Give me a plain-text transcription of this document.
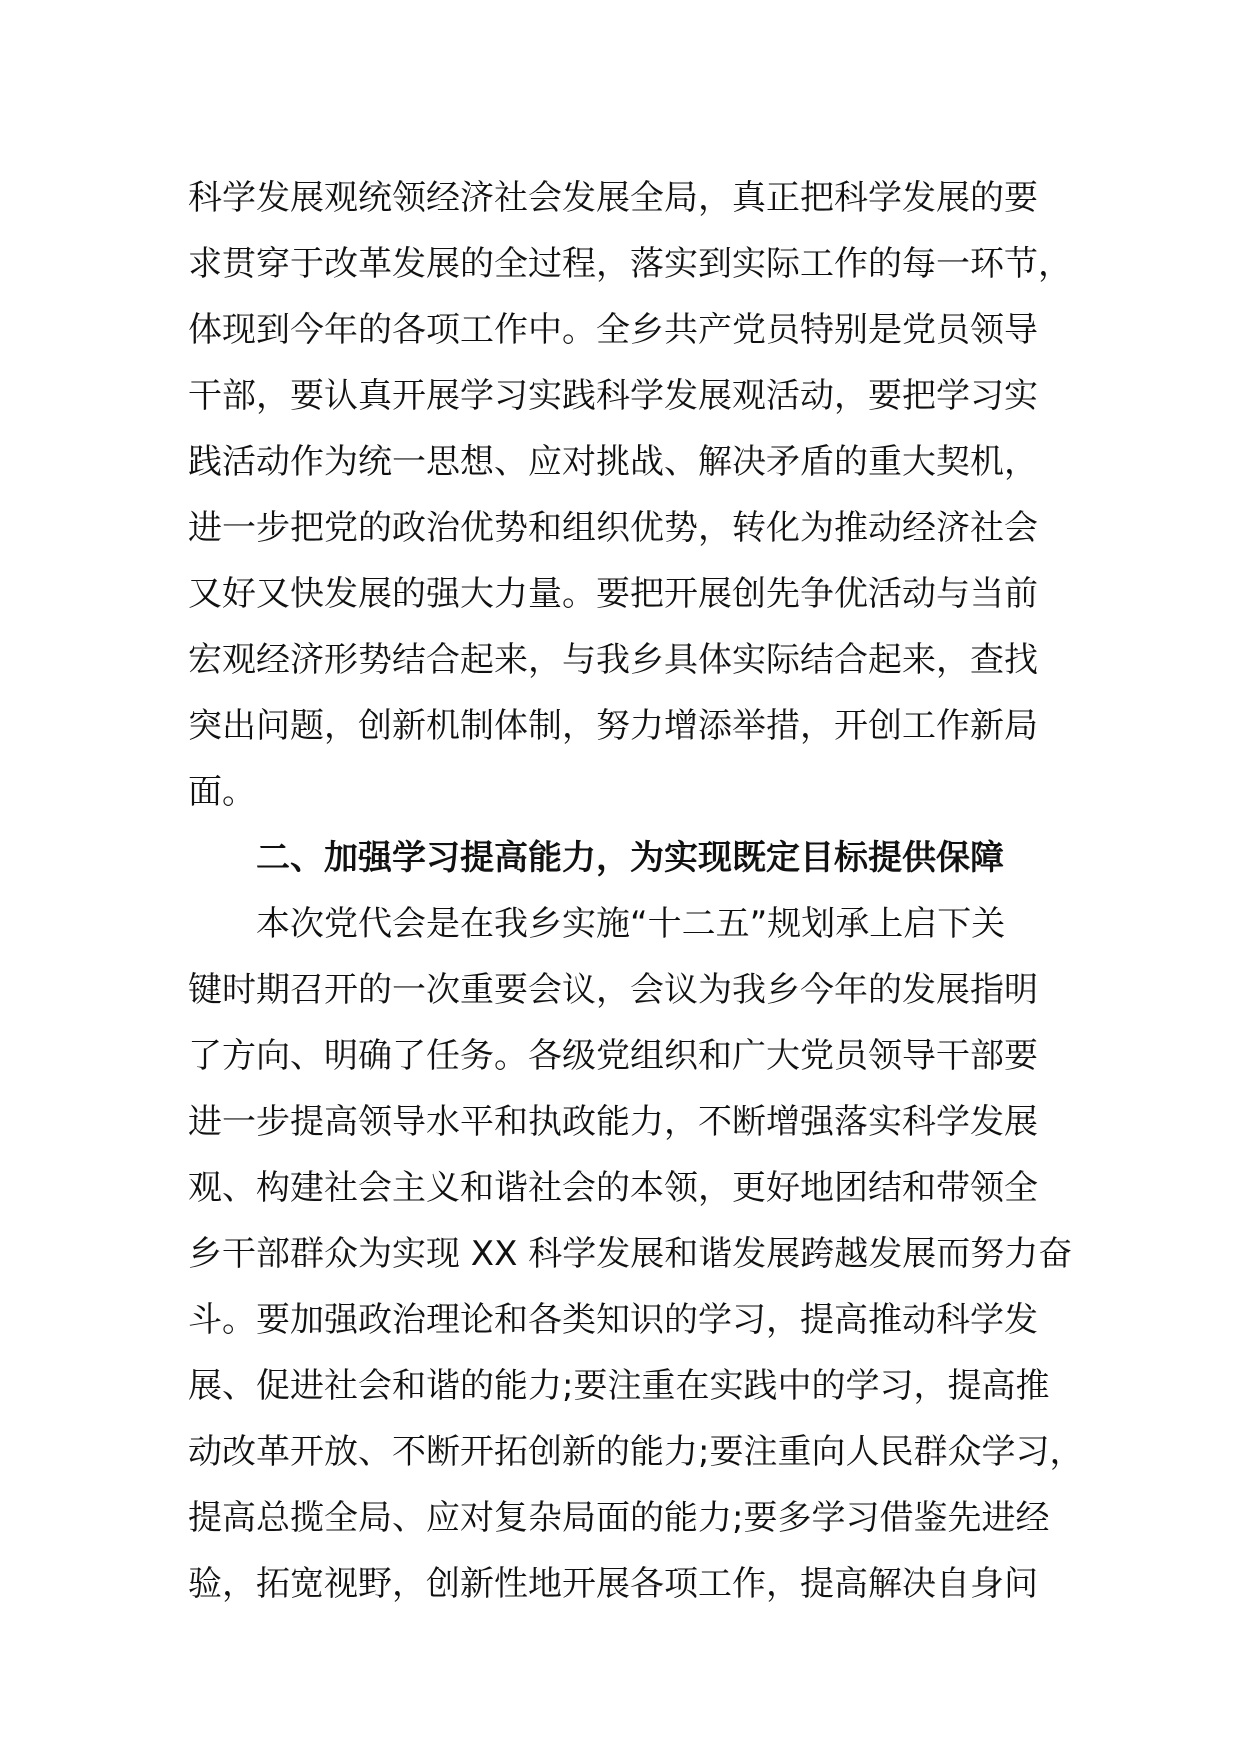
科学发展观统领经济社会发展全局，真正把科学发展的要
求贯穿于改革发展的全过程，落实到实际工作的每一环节，
体现到今年的各项工作中。全乡共产党员特别是党员领导
干部，要认真开展学习实践科学发展观活动，要把学习实
践活动作为统一思想、应对挑战、解决矛盾的重大契机，
进一步把党的政治优势和组织优势，转化为推动经济社会
又好又快发展的强大力量。要把开展创先争优活动与当前
宏观经济形势结合起来，与我乡具体实际结合起来，查找
突出问题，创新机制体制，努力增添举措，开创工作新局
面。
二、加强学习提高能力，为实现既定目标提供保障
本次党代会是在我乡实施“十二五”规划承上启下关
键时期召开的一次重要会议，会议为我乡今年的发展指明
了方向、明确了任务。各级党组织和广大党员领导干部要
进一步提高领导水平和执政能力，不断增强落实科学发展
观、构建社会主义和谐社会的本领，更好地团结和带领全
乡干部群众为实现 XX 科学发展和谐发展跨越发展而努力奋
斗。要加强政治理论和各类知识的学习，提高推动科学发
展、促进社会和谐的能力;要注重在实践中的学习，提高推
动改革开放、不断开拓创新的能力;要注重向人民群众学习，
提高总揽全局、应对复杂局面的能力;要多学习借鉴先进经
验，拓宽视野，创新性地开展各项工作，提高解决自身问
